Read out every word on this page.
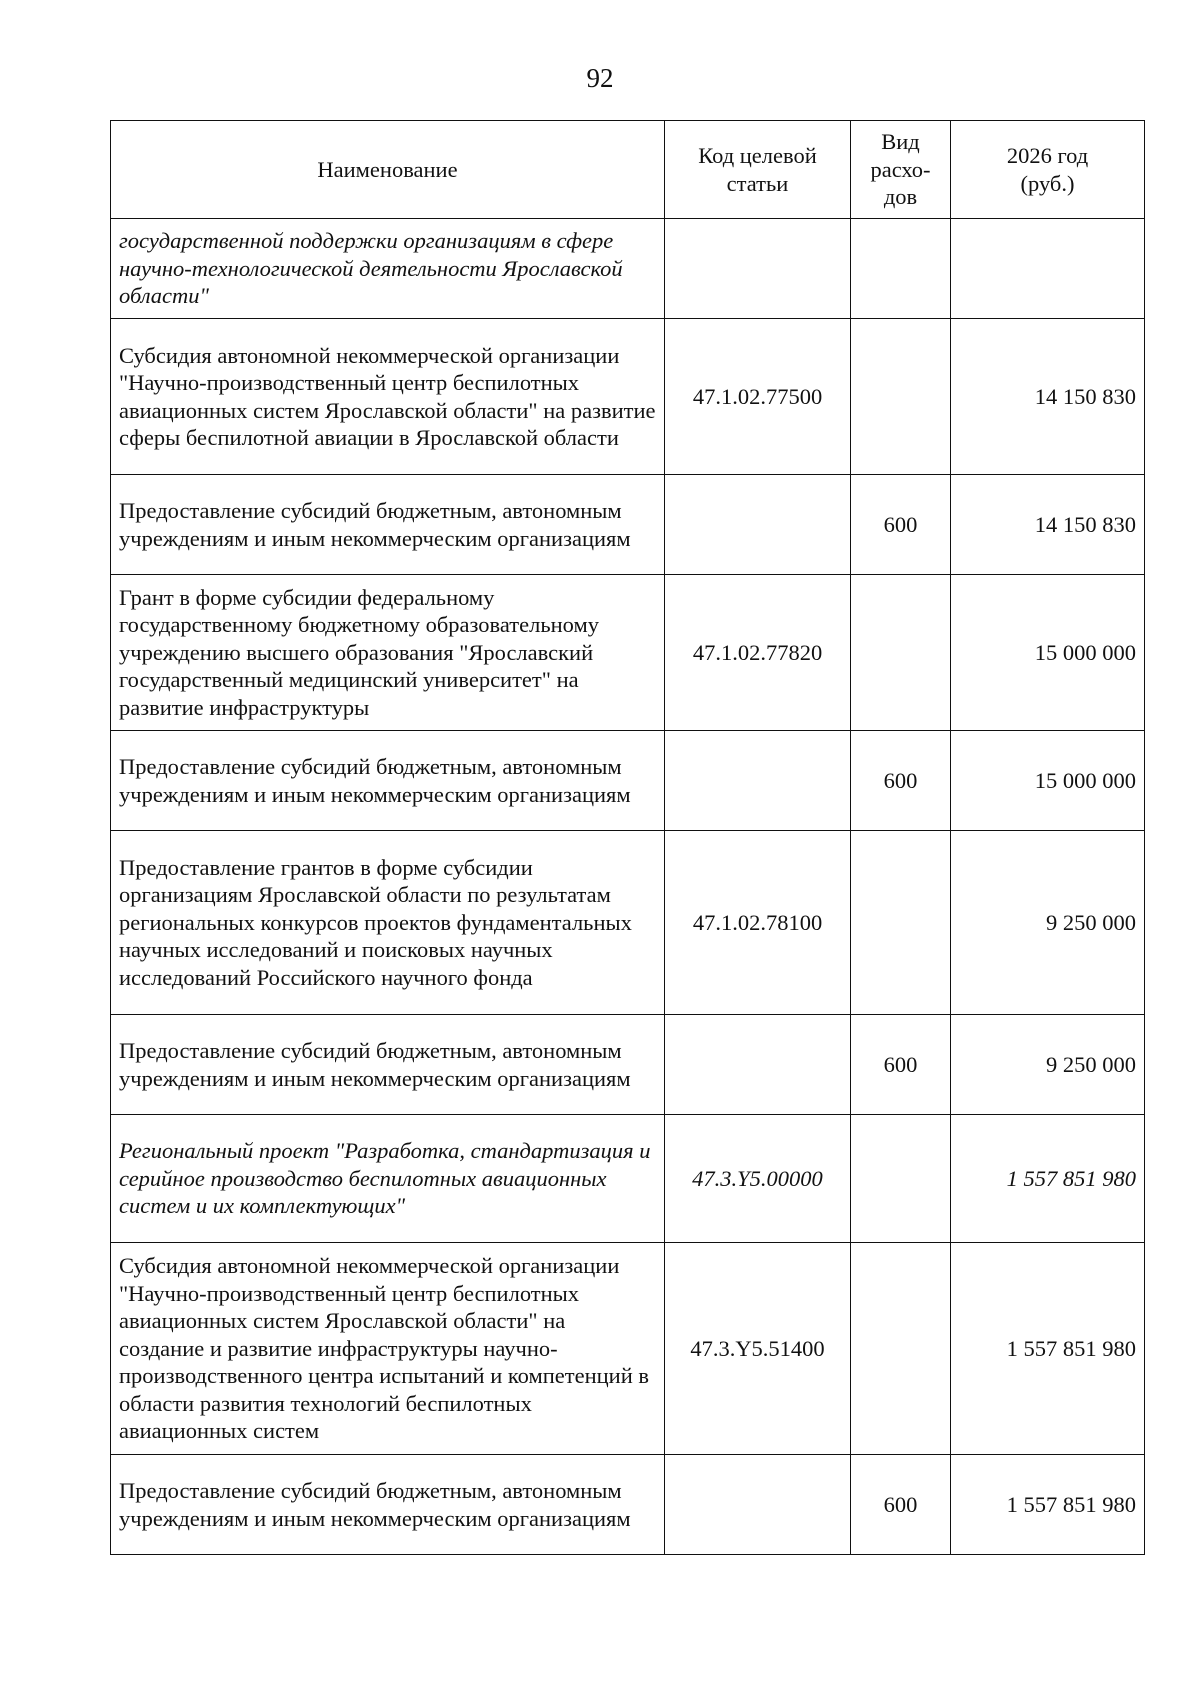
92
Наименование	Код целевой статьи	Вид расхо-дов	2026 год (руб.)

государственной поддержки организациям в сфере научно-технологической деятельности Ярославской области"			
Субсидия автономной некоммерческой организации "Научно-производственный центр беспилотных авиационных систем Ярославской области" на развитие сферы беспилотной авиации в Ярославской области	47.1.02.77500		14 150 830
Предоставление субсидий бюджетным, автономным учреждениям и иным некоммерческим организациям		600	14 150 830
Грант в форме субсидии федеральному государственному бюджетному образовательному учреждению высшего образования "Ярославский государственный медицинский университет" на развитие инфраструктуры	47.1.02.77820		15 000 000
Предоставление субсидий бюджетным, автономным учреждениям и иным некоммерческим организациям		600	15 000 000
Предоставление грантов в форме субсидии организациям Ярославской области по результатам региональных конкурсов проектов фундаментальных научных исследований и поисковых научных исследований Российского научного фонда	47.1.02.78100		9 250 000
Предоставление субсидий бюджетным, автономным учреждениям и иным некоммерческим организациям		600	9 250 000
Региональный проект "Разработка, стандартизация и серийное производство беспилотных авиационных систем и их комплектующих"	47.3.Y5.00000		1 557 851 980
Субсидия автономной некоммерческой организации "Научно-производственный центр беспилотных авиационных систем Ярославской области" на создание и развитие инфраструктуры научно-производственного центра испытаний и компетенций в области развития технологий беспилотных авиационных систем	47.3.Y5.51400		1 557 851 980
Предоставление субсидий бюджетным, автономным учреждениям и иным некоммерческим организациям		600	1 557 851 980
